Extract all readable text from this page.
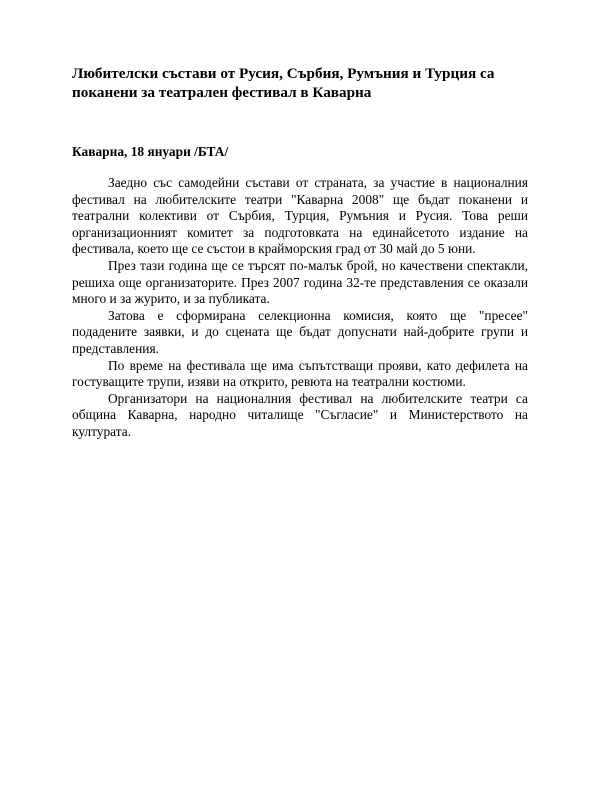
Любителски състави от Русия, Сърбия, Румъния и Турция са поканени за театрален фестивал в Каварна

Каварна, 18 януари /БТА/

Заедно със самодейни състави от страната, за участие в националния фестивал на любителските театри "Каварна 2008" ще бъдат поканени и театрални колективи от Сърбия, Турция, Румъния и Русия. Това реши организационният комитет за подготовката на единайсетото издание на фестивала, което ще се състои в крайморския град от 30 май до 5 юни.

През тази година ще се търсят по-малък брой, но качествени спектакли, решиха още организаторите. През 2007 година 32-те представления се оказали много и за журито, и за публиката.

Затова е сформирана селекционна комисия, която ще "пресее" подадените заявки, и до сцената ще бъдат допуснати най-добрите групи и представления.

По време на фестивала ще има съпътстващи прояви, като дефилета на гостуващите трупи, изяви на открито, ревюта на театрални костюми.

Организатори на националния фестивал на любителските театри са община Каварна, народно читалище "Съгласие" и Министерството на културата.
